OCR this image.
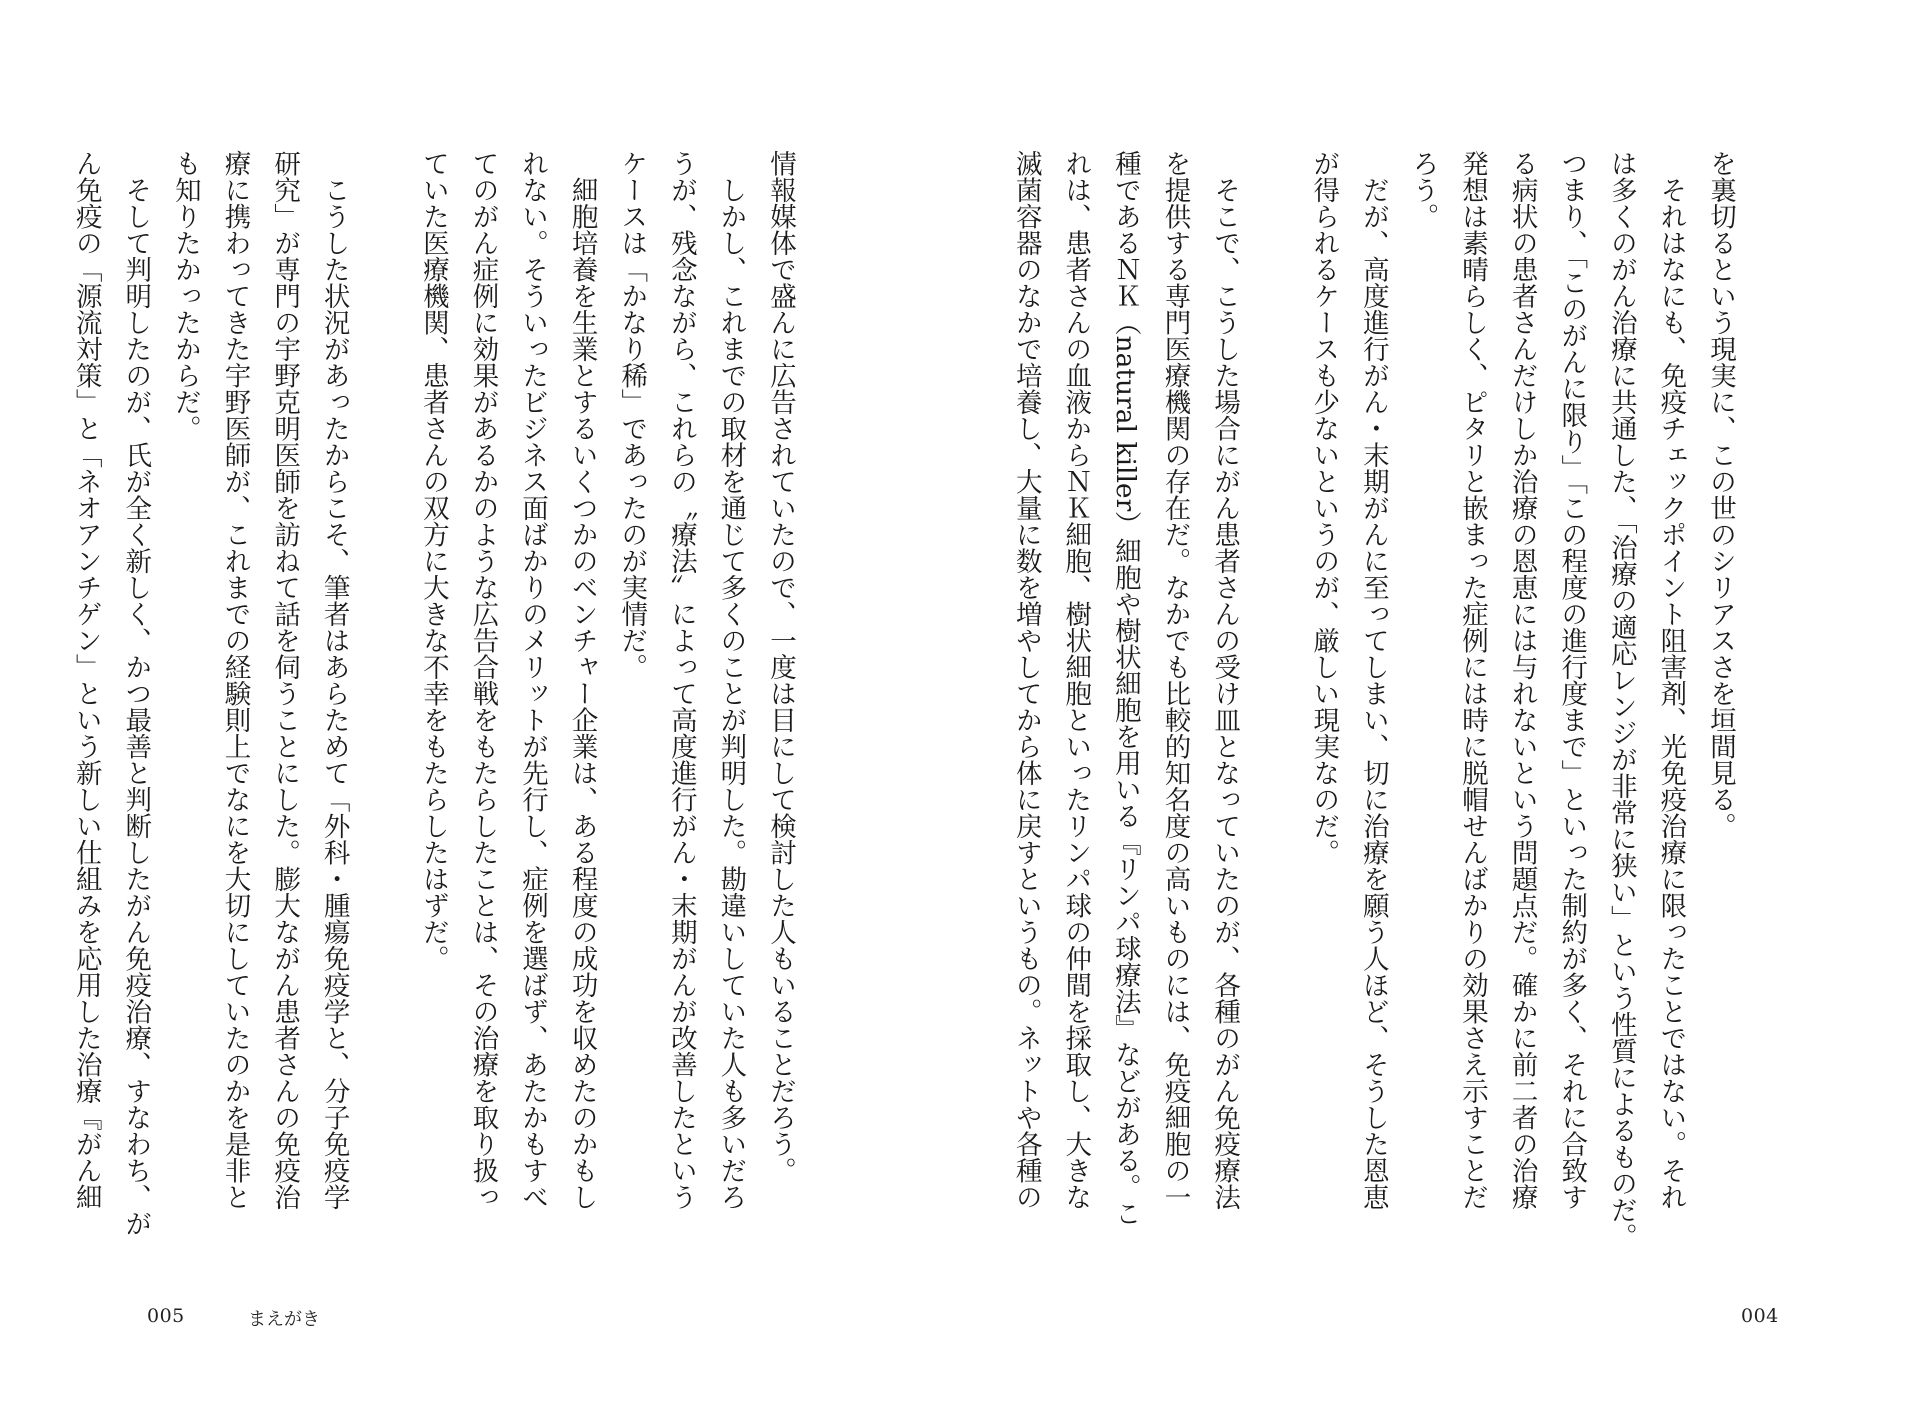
情報媒体で盛んに広告されていたので、一度は目にして検討した人もいることだろう。

　しかし、これまでの取材を通じて多くのことが判明した。勘違いしていた人も多いだろ

うが、残念ながら、これらの〝療法〟によって高度進行がん・末期がんが改善したという

ケースは「かなり稀」であったのが実情だ。

　細胞培養を生業とするいくつかのベンチャー企業は、ある程度の成功を収めたのかもし

れない。そういったビジネス面ばかりのメリットが先行し、症例を選ばず、あたかもすべ

てのがん症例に効果があるかのような広告合戦をもたらしたことは、その治療を取り扱っ

ていた医療機関、患者さんの双方に大きな不幸をもたらしたはずだ。

　こうした状況があったからこそ、筆者はあらためて「外科・腫瘍免疫学と、分子免疫学

研究」が専門の宇野克明医師を訪ねて話を伺うことにした。膨大ながん患者さんの免疫治

療に携わってきた宇野医師が、これまでの経験則上でなにを大切にしていたのかを是非と

も知りたかったからだ。

　そして判明したのが、氏が全く新しく、かつ最善と判断したがん免疫治療、すなわち、が

ん免疫の「源流対策」と「ネオアンチゲン」という新しい仕組みを応用した治療『がん細

005	まえがき

を裏切るという現実に、この世のシリアスさを垣間見る。

　それはなにも、免疫チェックポイント阻害剤、光免疫治療に限ったことではない。それ

は多くのがん治療に共通した、「治療の適応レンジが非常に狭い」という性質によるものだ。

つまり、「このがんに限り」「この程度の進行度まで」といった制約が多く、それに合致す

る病状の患者さんだけしか治療の恩恵には与れないという問題点だ。確かに前二者の治療

発想は素晴らしく、ピタリと嵌まった症例には時に脱帽せんばかりの効果さえ示すことだ

ろう。

　だが、高度進行がん・末期がんに至ってしまい、切に治療を願う人ほど、そうした恩恵

が得られるケースも少ないというのが、厳しい現実なのだ。

　そこで、こうした場合にがん患者さんの受け皿となっていたのが、各種のがん免疫療法

を提供する専門医療機関の存在だ。なかでも比較的知名度の高いものには、免疫細胞の一

種であるＮＫ（natural killer）細胞や樹状細胞を用いる『リンパ球療法』などがある。こ

れは、患者さんの血液からＮＫ細胞、樹状細胞といったリンパ球の仲間を採取し、大きな

滅菌容器のなかで培養し、大量に数を増やしてから体に戻すというもの。ネットや各種の

004
